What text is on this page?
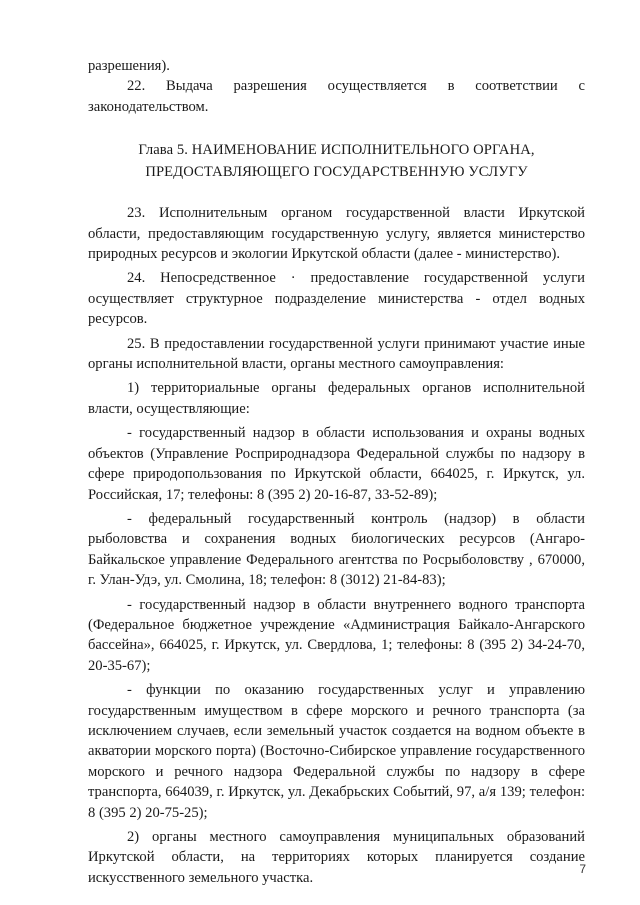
разрешения).

22. Выдача разрешения осуществляется в соответствии с законодательством.

Глава 5. НАИМЕНОВАНИЕ ИСПОЛНИТЕЛЬНОГО ОРГАНА,

ПРЕДОСТАВЛЯЮЩЕГО ГОСУДАРСТВЕННУЮ УСЛУГУ

23. Исполнительным органом государственной власти Иркутской области, предоставляющим государственную услугу, является министерство природных ресурсов и экологии Иркутской области (далее - министерство).

24. Непосредственное · предоставление государственной услуги осуществляет структурное подразделение министерства - отдел водных ресурсов.

25. В предоставлении государственной услуги принимают участие иные органы исполнительной власти, органы местного самоуправления:

1) территориальные органы федеральных органов исполнительной власти, осуществляющие:

- государственный надзор в области использования и охраны водных объектов (Управление Росприроднадзора Федеральной службы по надзору в сфере природопользования по Иркутской области, 664025, г. Иркутск, ул. Российская, 17; телефоны: 8 (395 2) 20-16-87, 33-52-89);

- федеральный государственный контроль (надзор) в области рыболовства и сохранения водных биологических ресурсов (Ангаро-Байкальское управление Федерального агентства по Росрыболовству , 670000, г. Улан-Удэ, ул. Смолина, 18; телефон: 8 (3012) 21-84-83);

- государственный надзор в области внутреннего водного транспорта (Федеральное бюджетное учреждение «Администрация Байкало-Ангарского бассейна», 664025, г. Иркутск, ул. Свердлова, 1; телефоны: 8 (395 2) 34-24-70, 20-35-67);

- функции по оказанию государственных услуг и управлению государственным имуществом в сфере морского и речного транспорта (за исключением случаев, если земельный участок создается на водном объекте в акватории морского порта) (Восточно-Сибирское управление государственного морского и речного надзора Федеральной службы по надзору в сфере транспорта, 664039, г. Иркутск, ул. Декабрьских Событий, 97, а/я 139; телефон: 8 (395 2) 20-75-25);

2) органы местного самоуправления муниципальных образований Иркутской области, на территориях которых планируется создание искусственного земельного участка.

7
